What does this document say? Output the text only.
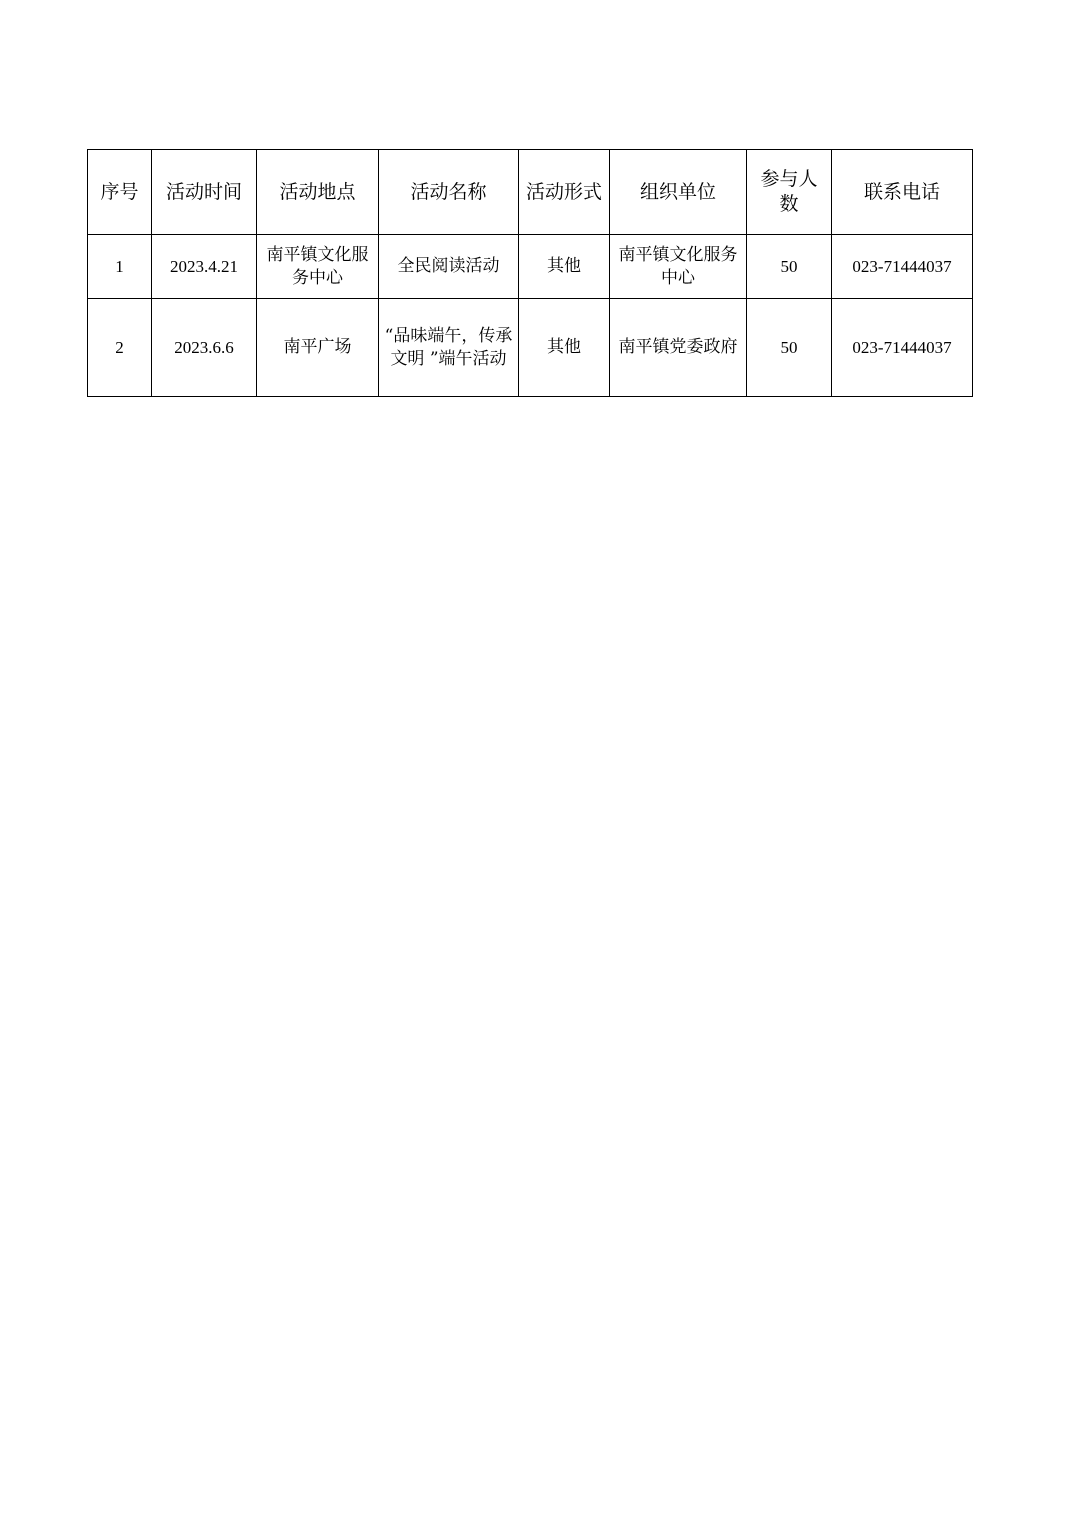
序号	活动时间	活动地点	活动名称	活动形式	组织单位	参与人数	联系电话
1	2023.4.21	南平镇文化服务中心	全民阅读活动	其他	南平镇文化服务中心	50	023-71444037
2	2023.6.6	南平广场	“品味端午，传承文明 ”端午活动	其他	南平镇党委政府	50	023-71444037
